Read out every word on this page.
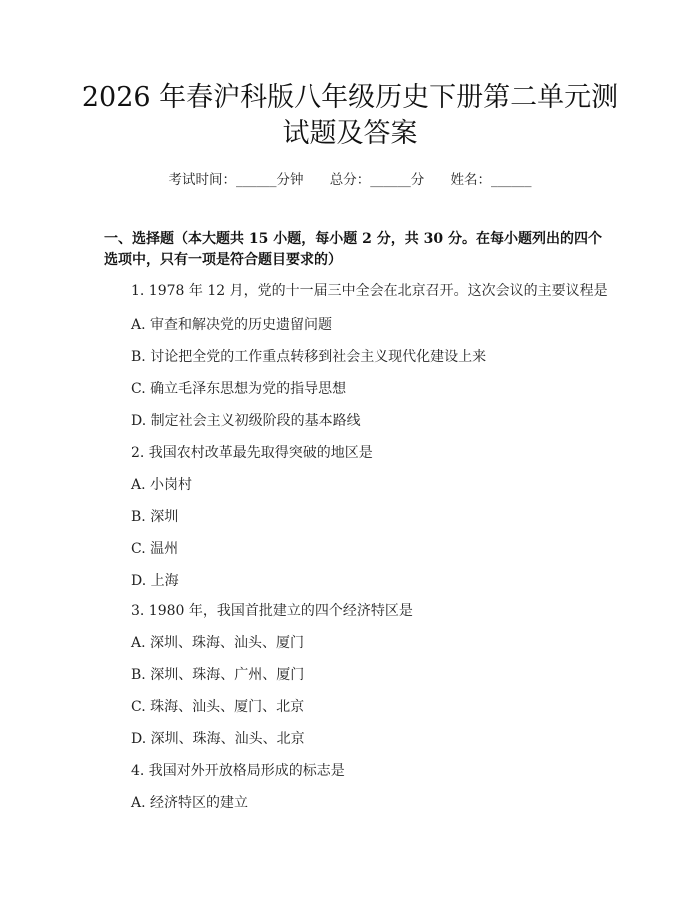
2026 年春沪科版八年级历史下册第二单元测
试题及答案
考试时间：______分钟 总分：______分 姓名：______
一、选择题（本大题共 15 小题，每小题 2 分，共 30 分。在每小题列出的四个选项中，只有一项是符合题目要求的）
1. 1978 年 12 月，党的十一届三中全会在北京召开。这次会议的主要议程是
A. 审查和解决党的历史遗留问题
B. 讨论把全党的工作重点转移到社会主义现代化建设上来
C. 确立毛泽东思想为党的指导思想
D. 制定社会主义初级阶段的基本路线
2. 我国农村改革最先取得突破的地区是
A. 小岗村
B. 深圳
C. 温州
D. 上海
3. 1980 年，我国首批建立的四个经济特区是
A. 深圳、珠海、汕头、厦门
B. 深圳、珠海、广州、厦门
C. 珠海、汕头、厦门、北京
D. 深圳、珠海、汕头、北京
4. 我国对外开放格局形成的标志是
A. 经济特区的建立
